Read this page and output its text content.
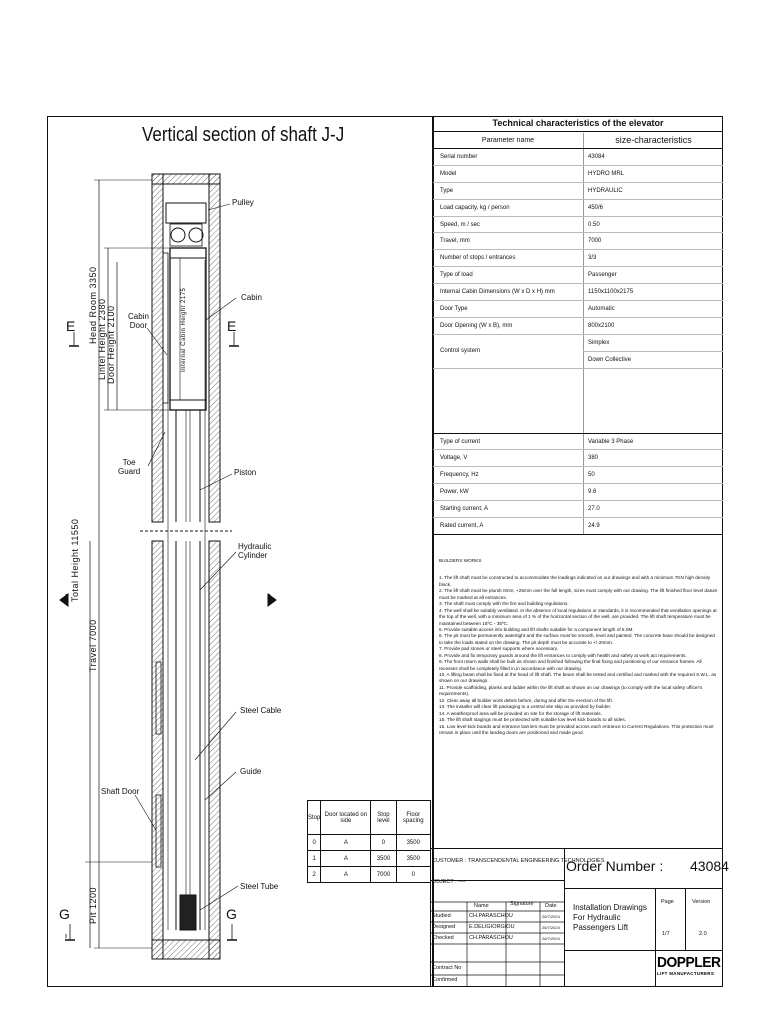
Vertical section of shaft J-J
Pulley
Cabin
Cabin
Door
Toe
Guard	Piston
Hydraulic
Cylinder
Steel Cable
Guide
Shaft Door
Steel Tube
Internal Cabin Height 2175
E	E
G	G
J	J
Head Room 3350 Lintel Height 2380 Door Height 2100
Total Height 11550
Travel 7000
Pit 1200
Stop	Door located on side	Stop level	Floor spacing
0	A	0	3500
1	A	3500	3500
2	A	7000	0
Technical characteristics of the elevator
Parameter name	size-characteristics
Serial number	43084
Model	HYDRO MRL
Type	HYDRAULIC
Load capacity, kg / person	450/6
Speed, m / sec	0.50
Travel, mm	7000
Number of stops / entrances	3/3
Type of load	Passenger
Internal Cabin Dimensions (W x D x H) mm	1150x1100x2175
Door Type	Automatic
Door Opening (W x B), mm	800x2100
Control system	Simplex
	Down Collective

Type of current	Variable 3 Phase
Voltage, V	380
Frequency, Hz	50
Power, kW	9.6
Starting current, A	27.0
Rated current, A	24.9
BUILDERS WORKS

1. The lift shaft must be constructed to accommodate the loadings indicated on our drawings and with a minimum 7KN high density block.

2. The lift shaft must be plumb 0mm, +25mm over the full length, sizes must comply with our drawing. The lift finished floor level datum must be marked at all entrances.

3. The shaft must comply with the fire and building regulations.

4. The well shall be suitably ventilated. In the absence of local regulations or standards, it is recommended that ventilation openings at the top of the well, with a minimum area of 1 % of the horizontal section of the well, are provided. The lift shaft temperature must be maintained between 15ºC - 35ºC.

5. Provide suitable access into building and lift shafts suitable for a component length of 5.0M.

6. The pit must be permanently watertight and the surface must be smooth, level and painted. The concrete base should be designed to take the loads stated on the drawing. The pit depth must be accurate to +/-20mm.

7. Provide pad stones or steel supports where necessary.

8. Provide and fix temporary guards around the lift entrances to comply with health and safety at work act requirements.

9. The front return walls shall be built as shown and finished following the final fixing and positioning of our entrance frames. All recesses shall be completely filled in,in accordance with our drawing.

10. A lifting beam shall be fixed at the head of lift shaft. The beam shall be tested and certified and marked with the required S.W.L. as shown on our drawings.

11. Provide scaffolding, planks and ladder within the lift shaft as shown on our drawings (to comply with the local safety officer's requirements).

12. Clear away all builder work debris before, during and after the erection of the lift.

13. The installer will clear lift packaging to a central site skip as provided by builder.

14. A weatherproof area will be provided on site for the storage of lift materials.

15. The lift shaft stagings must be protected with suitable low level kick boards to all sides.

16. Low level kick boards and entrance barriers must be provided across each entrance to Current Regulations. This protection must remain in place until the landing doors are positioned and made good.

CUSTOMER : TRANSCENDENTAL ENGINEERING TECHNOLOGIES
OBJECT : ----
Name	Signature Date
Studied	CH.PARASCHOU	26/7/2024
Designed	E.DELIGIORGIOU	26/7/2024
Checked	CH.PARASCHOU	26/7/2024
Contract No
Confirmed
Order Number : 43084
Installation Drawings For Hydraulic Passengers Lift
Page	Version
1/7	2.0
DOPPLER
LIFT MANUFACTURERS
